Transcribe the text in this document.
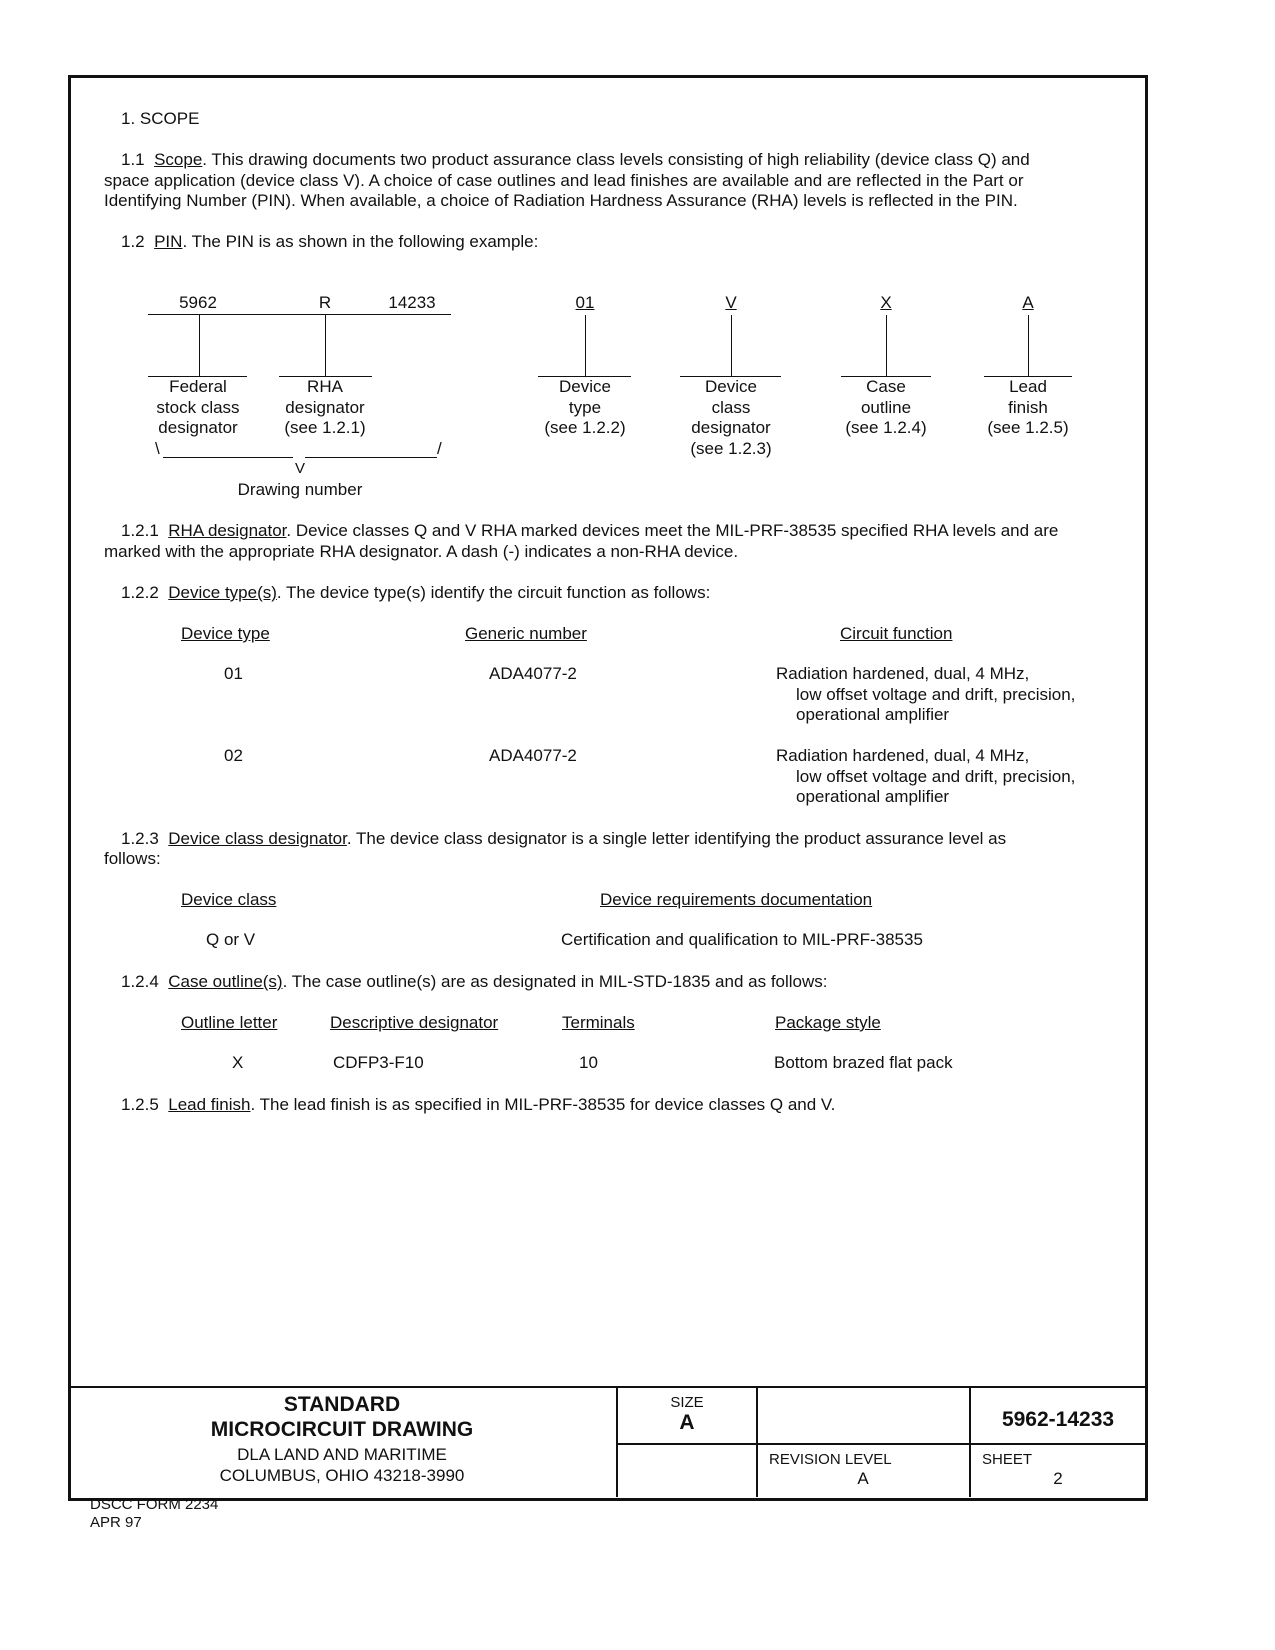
1. SCOPE
1.1 Scope. This drawing documents two product assurance class levels consisting of high reliability (device class Q) and
space application (device class V). A choice of case outlines and lead finishes are available and are reflected in the Part or
Identifying Number (PIN). When available, a choice of Radiation Hardness Assurance (RHA) levels is reflected in the PIN.
1.2 PIN. The PIN is as shown in the following example:
5962	R	14233	01	V	X	A
Federal
stock class
designator
RHA
designator
(see 1.2.1)
Device
type
(see 1.2.2)
Device
class
designator
(see 1.2.3)
Case
outline
(see 1.2.4)
Lead
finish
(see 1.2.5)
\	/
V
Drawing number
1.2.1 RHA designator. Device classes Q and V RHA marked devices meet the MIL-PRF-38535 specified RHA levels and are
marked with the appropriate RHA designator. A dash (-) indicates a non-RHA device.
1.2.2 Device type(s). The device type(s) identify the circuit function as follows:
Device type	Generic number	Circuit function
01	ADA4077-2	Radiation hardened, dual, 4 MHz,
low offset voltage and drift, precision,
operational amplifier
02	ADA4077-2	Radiation hardened, dual, 4 MHz,
low offset voltage and drift, precision,
operational amplifier
1.2.3 Device class designator. The device class designator is a single letter identifying the product assurance level as
follows:
Device class	Device requirements documentation
Q or V	Certification and qualification to MIL-PRF-38535
1.2.4 Case outline(s). The case outline(s) are as designated in MIL-STD-1835 and as follows:
Outline letter	Descriptive designator	Terminals	Package style
X	CDFP3-F10	10	Bottom brazed flat pack
1.2.5 Lead finish. The lead finish is as specified in MIL-PRF-38535 for device classes Q and V.
STANDARD
MICROCIRCUIT DRAWING
DLA LAND AND MARITIME
COLUMBUS, OHIO 43218-3990
SIZE
A	5962-14233
REVISION LEVEL
A
SHEET
2
DSCC FORM 2234
APR 97
